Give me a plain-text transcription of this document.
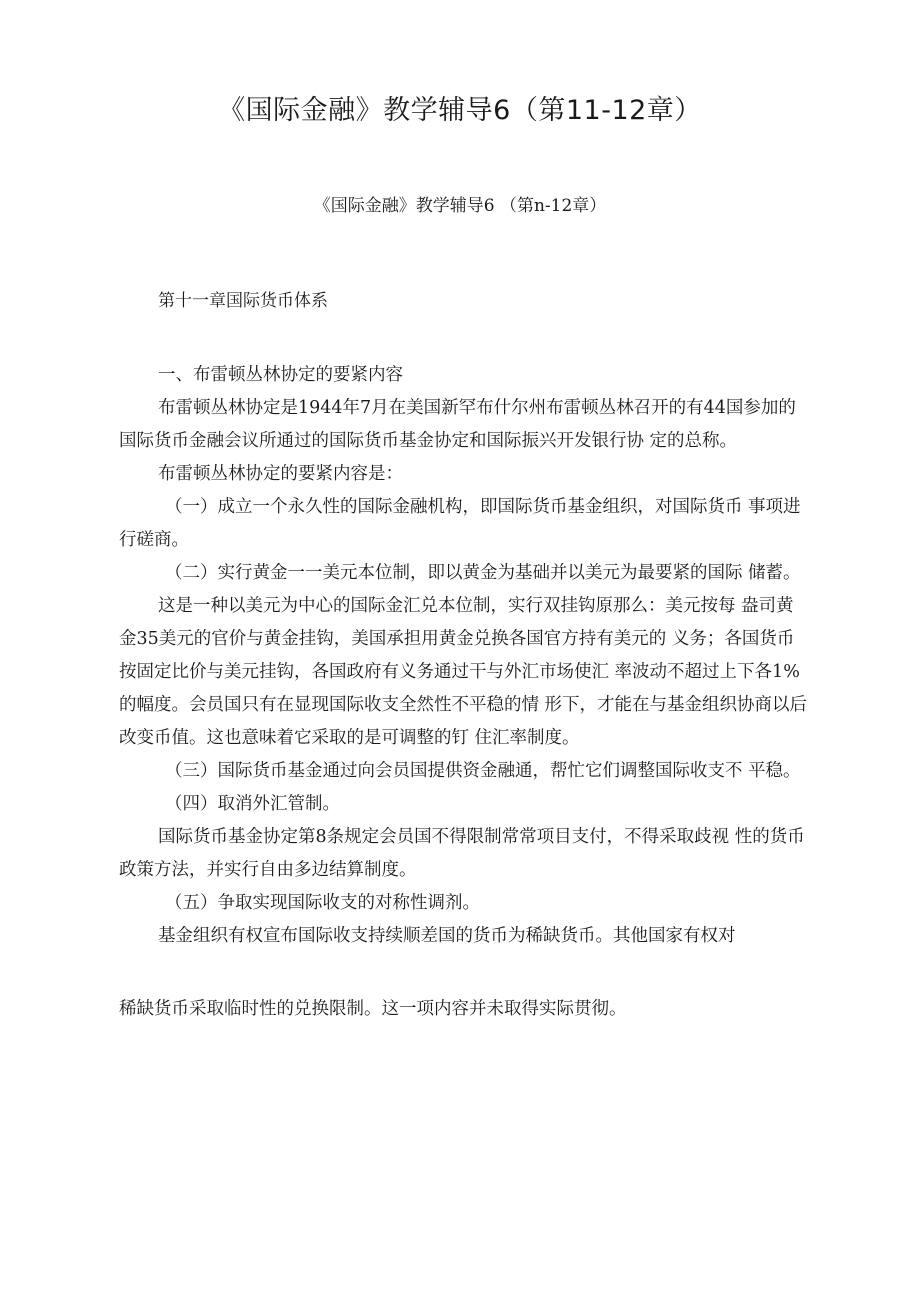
《国际金融》教学辅导6（第11-12章）
《国际金融》教学辅导6 （第n-12章）
第十一章国际货币体系

一、布雷顿丛林协定的要紧内容

布雷顿丛林协定是1944年7月在美国新罕布什尔州布雷顿丛林召开的有44国参加的国际货币金融会议所通过的国际货币基金协定和国际振兴开发银行协 定的总称。

布雷顿丛林协定的要紧内容是：

（一）成立一个永久性的国际金融机构，即国际货币基金组织，对国际货币 事项进行磋商。

（二）实行黄金一一美元本位制，即以黄金为基础并以美元为最要紧的国际 储蓄。

这是一种以美元为中心的国际金汇兑本位制，实行双挂钩原那么：美元按每 盎司黄金35美元的官价与黄金挂钩，美国承担用黄金兑换各国官方持有美元的 义务；各国货币按固定比价与美元挂钩，各国政府有义务通过干与外汇市场使汇 率波动不超过上下各1%的幅度。会员国只有在显现国际收支全然性不平稳的情 形下，才能在与基金组织协商以后改变币值。这也意味着它采取的是可调整的钉 住汇率制度。

（三）国际货币基金通过向会员国提供资金融通，帮忙它们调整国际收支不 平稳。

（四）取消外汇管制。

国际货币基金协定第8条规定会员国不得限制常常项目支付，不得采取歧视 性的货币政策方法，并实行自由多边结算制度。

（五）争取实现国际收支的对称性调剂。

基金组织有权宣布国际收支持续顺差国的货币为稀缺货币。其他国家有权对

稀缺货币采取临时性的兑换限制。这一项内容并未取得实际贯彻。
